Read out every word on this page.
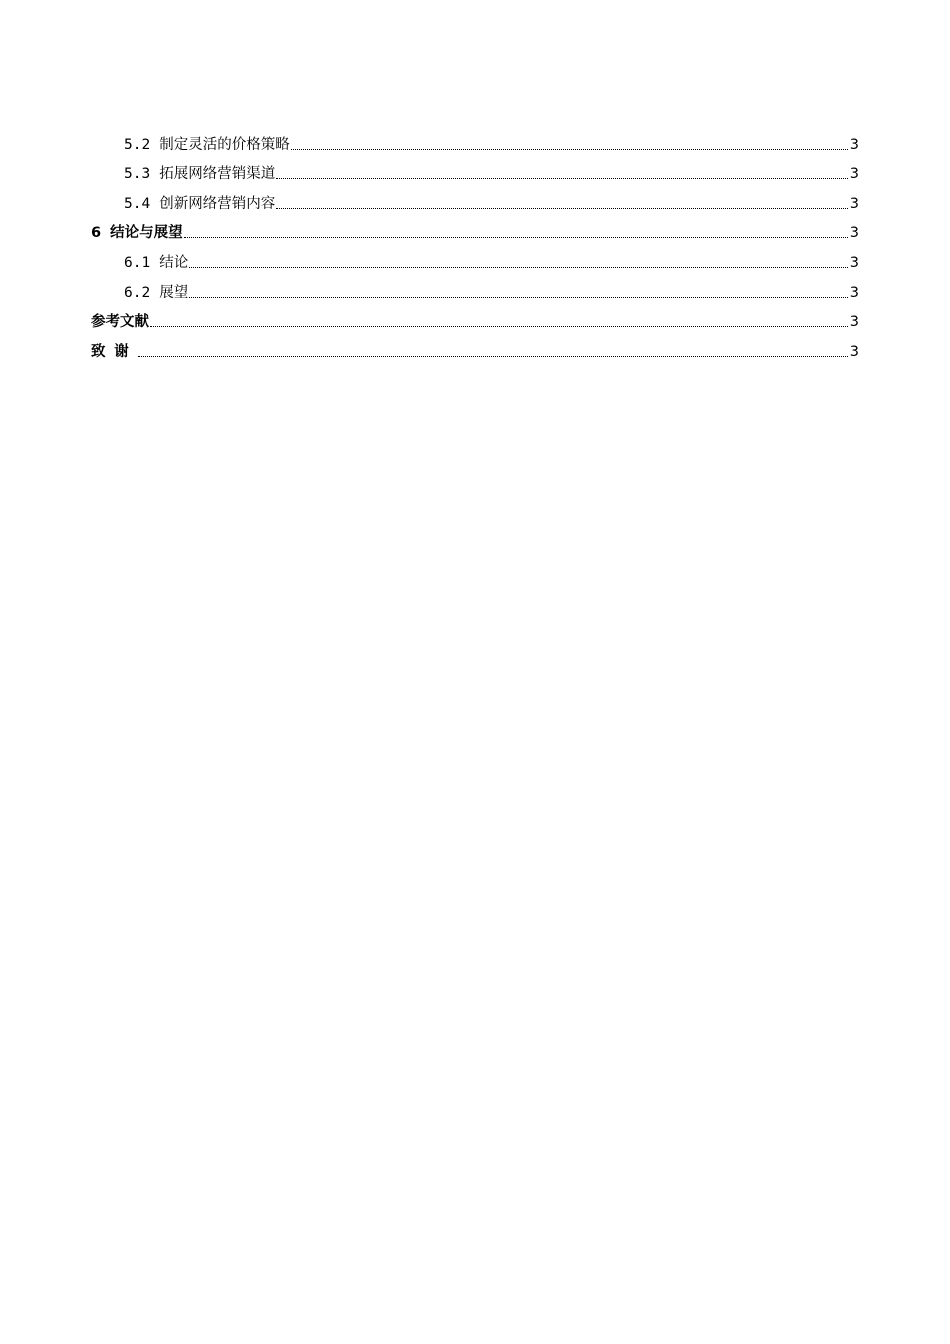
5.2 制定灵活的价格策略	3
5.3 拓展网络营销渠道	3
5.4 创新网络营销内容	3
6 结论与展望	3
6.1 结论	3
6.2 展望	3
参考文献	3
致谢	3
